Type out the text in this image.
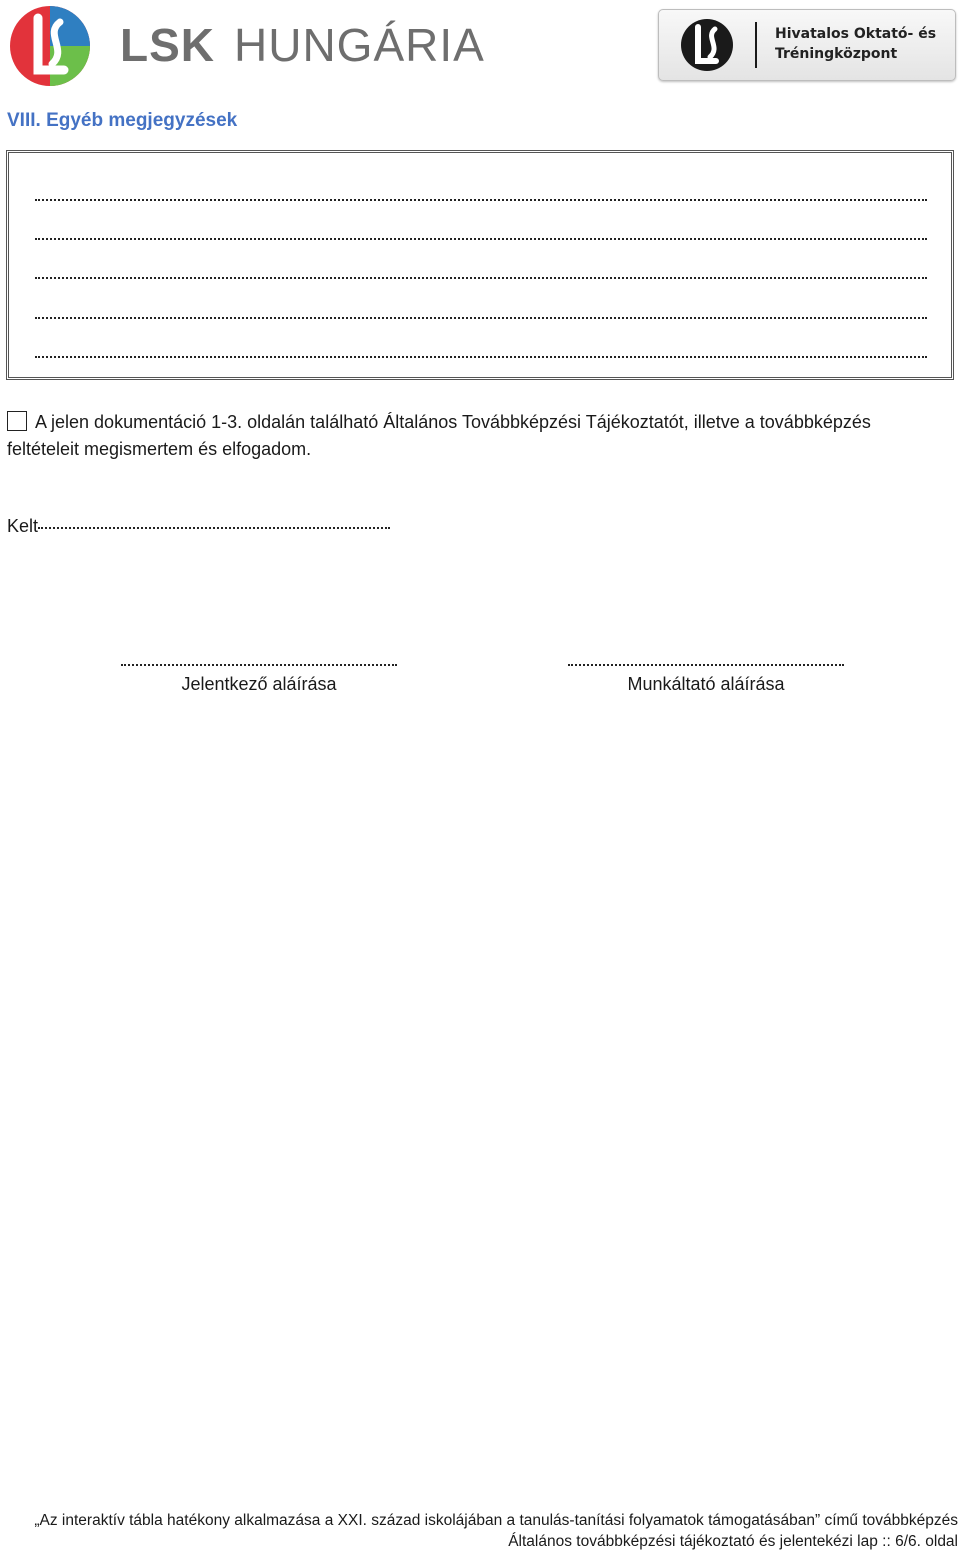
LSK HUNGÁRIA	Hivatalos Oktató- és
Tréningközpont
VIII. Egyéb megjegyzések
A jelen dokumentáció 1-3. oldalán található Általános Továbbképzési Tájékoztatót, illetve a továbbképzés
feltételeit megismertem és elfogadom.
Kelt
Jelentkező aláírása	Munkáltató aláírása
„Az interaktív tábla hatékony alkalmazása a XXI. század iskolájában a tanulás-tanítási folyamatok támogatásában” című továbbképzés
Általános továbbképzési tájékoztató és jelentekézi lap :: 6/6. oldal
